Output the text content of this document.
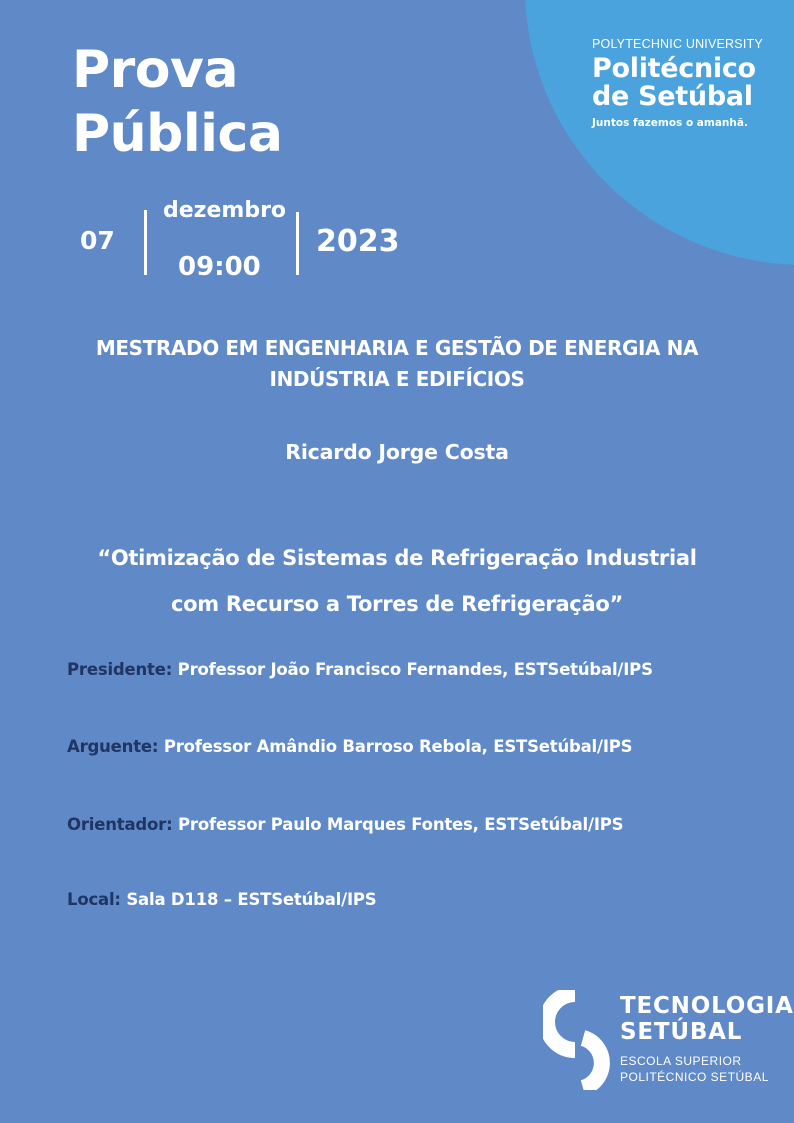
POLYTECHNIC UNIVERSITY
Politécnico
de Setúbal
Juntos fazemos o amanhã.
Prova
Pública
07
dezembro
09:00
2023
MESTRADO EM ENGENHARIA E GESTÃO DE ENERGIA NA
INDÚSTRIA E EDIFÍCIOS
Ricardo Jorge Costa
“Otimização de Sistemas de Refrigeração Industrial
com Recurso a Torres de Refrigeração”
Presidente: Professor João Francisco Fernandes, ESTSetúbal/IPS
Arguente: Professor Amândio Barroso Rebola, ESTSetúbal/IPS
Orientador: Professor Paulo Marques Fontes, ESTSetúbal/IPS
Local: Sala D118 – ESTSetúbal/IPS
TECNOLOGIA
SETÚBAL
ESCOLA SUPERIOR
POLITÉCNICO SETÚBAL
